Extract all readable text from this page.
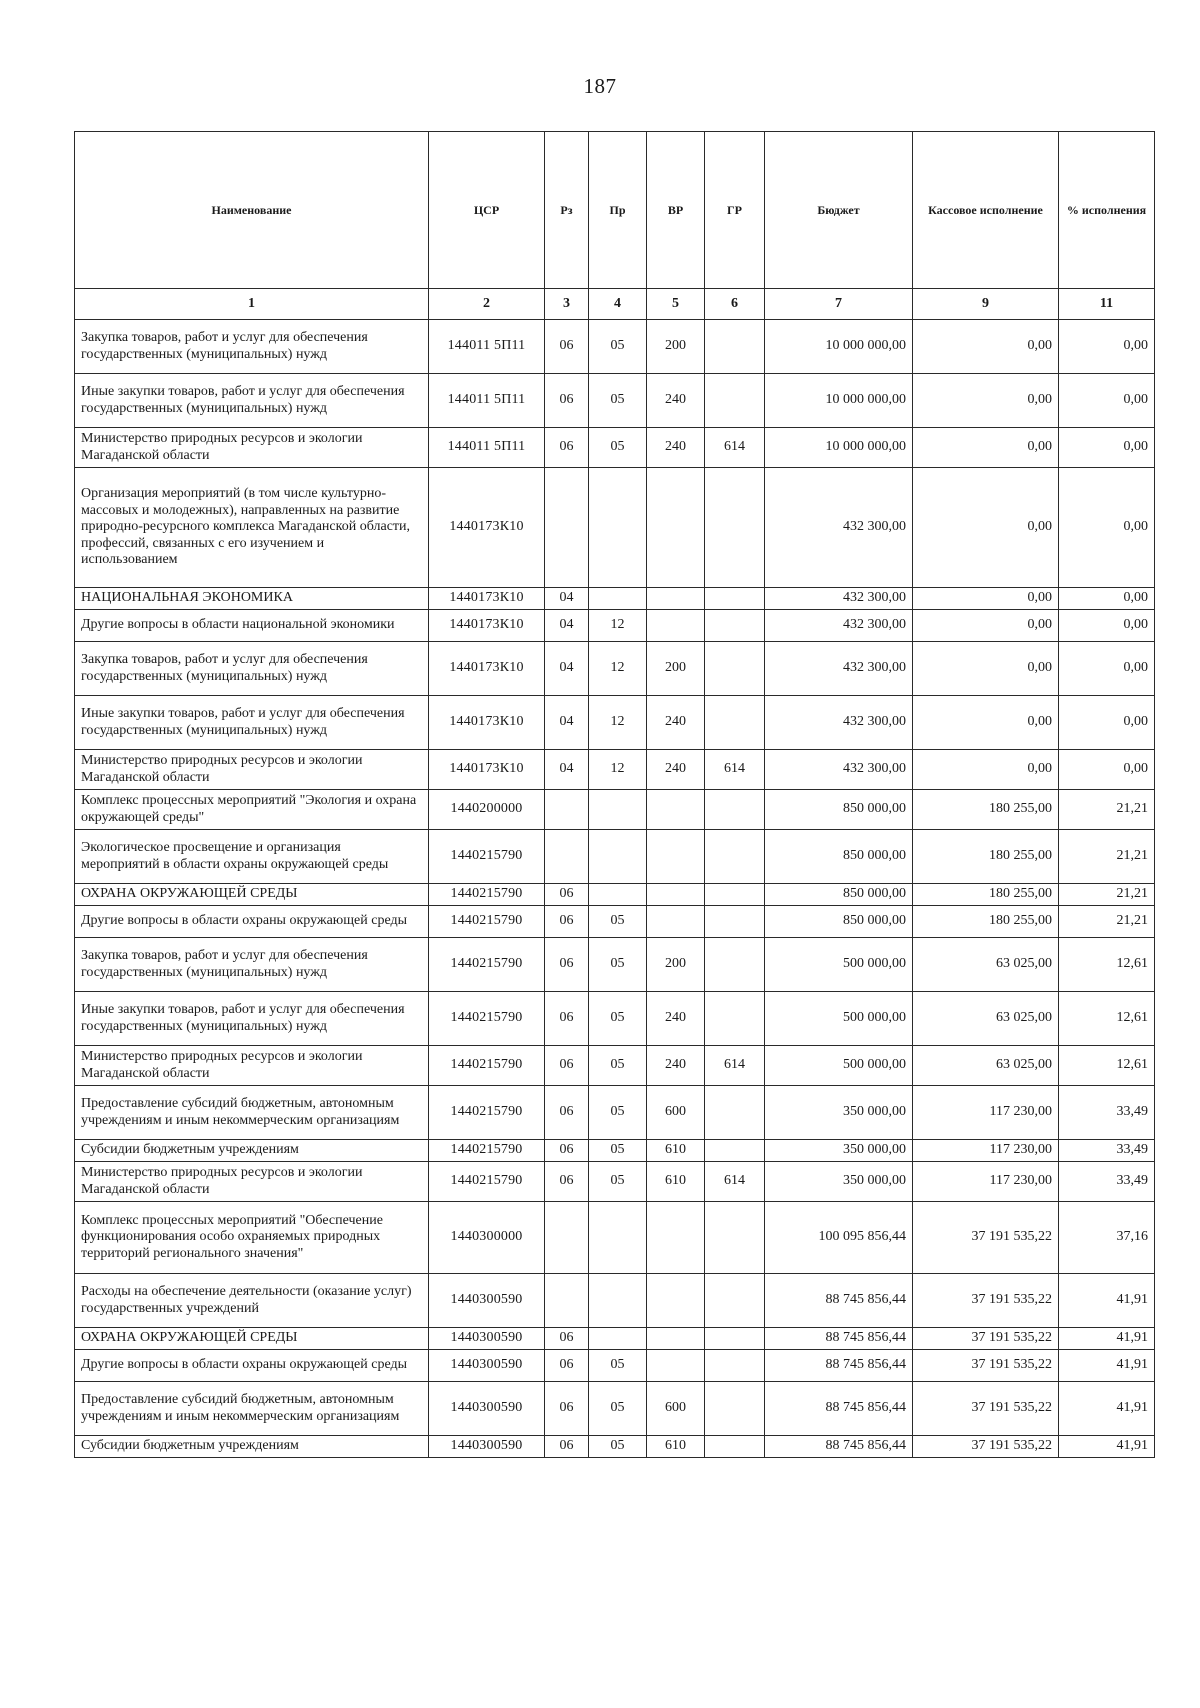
187
Наименование	ЦСР	Рз	Пр	ВР	ГР	Бюджет	Кассовое исполнение	% исполнения
1	2	3	4	5	6	7	9	11
Закупка товаров, работ и услуг для обеспечения государственных (муниципальных) нужд	144011 5П11	06	05	200		10 000 000,00	0,00	0,00
Иные закупки товаров, работ и услуг для обеспечения государственных (муниципальных) нужд	144011 5П11	06	05	240		10 000 000,00	0,00	0,00
Министерство природных ресурсов и экологии Магаданской области	144011 5П11	06	05	240	614	10 000 000,00	0,00	0,00
Организация мероприятий (в том числе культурно-массовых и молодежных), направленных на развитие природно-ресурсного комплекса Магаданской области, профессий, связанных с его изучением и использованием	1440173К10					432 300,00	0,00	0,00
НАЦИОНАЛЬНАЯ ЭКОНОМИКА	1440173К10	04				432 300,00	0,00	0,00
Другие вопросы в области национальной экономики	1440173К10	04	12			432 300,00	0,00	0,00
Закупка товаров, работ и услуг для обеспечения государственных (муниципальных) нужд	1440173К10	04	12	200		432 300,00	0,00	0,00
Иные закупки товаров, работ и услуг для обеспечения государственных (муниципальных) нужд	1440173К10	04	12	240		432 300,00	0,00	0,00
Министерство природных ресурсов и экологии Магаданской области	1440173К10	04	12	240	614	432 300,00	0,00	0,00
Комплекс процессных мероприятий "Экология и охрана окружающей среды"	1440200000					850 000,00	180 255,00	21,21
Экологическое просвещение и организация мероприятий в области охраны окружающей среды	1440215790					850 000,00	180 255,00	21,21
ОХРАНА ОКРУЖАЮЩЕЙ СРЕДЫ	1440215790	06				850 000,00	180 255,00	21,21
Другие вопросы в области охраны окружающей среды	1440215790	06	05			850 000,00	180 255,00	21,21
Закупка товаров, работ и услуг для обеспечения государственных (муниципальных) нужд	1440215790	06	05	200		500 000,00	63 025,00	12,61
Иные закупки товаров, работ и услуг для обеспечения государственных (муниципальных) нужд	1440215790	06	05	240		500 000,00	63 025,00	12,61
Министерство природных ресурсов и экологии Магаданской области	1440215790	06	05	240	614	500 000,00	63 025,00	12,61
Предоставление субсидий бюджетным, автономным учреждениям и иным некоммерческим организациям	1440215790	06	05	600		350 000,00	117 230,00	33,49
Субсидии бюджетным учреждениям	1440215790	06	05	610		350 000,00	117 230,00	33,49
Министерство природных ресурсов и экологии Магаданской области	1440215790	06	05	610	614	350 000,00	117 230,00	33,49
Комплекс процессных мероприятий "Обеспечение функционирования особо охраняемых природных территорий регионального значения"	1440300000					100 095 856,44	37 191 535,22	37,16
Расходы на обеспечение деятельности (оказание услуг) государственных учреждений	1440300590					88 745 856,44	37 191 535,22	41,91
ОХРАНА ОКРУЖАЮЩЕЙ СРЕДЫ	1440300590	06				88 745 856,44	37 191 535,22	41,91
Другие вопросы в области охраны окружающей среды	1440300590	06	05			88 745 856,44	37 191 535,22	41,91
Предоставление субсидий бюджетным, автономным учреждениям и иным некоммерческим организациям	1440300590	06	05	600		88 745 856,44	37 191 535,22	41,91
Субсидии бюджетным учреждениям	1440300590	06	05	610		88 745 856,44	37 191 535,22	41,91
